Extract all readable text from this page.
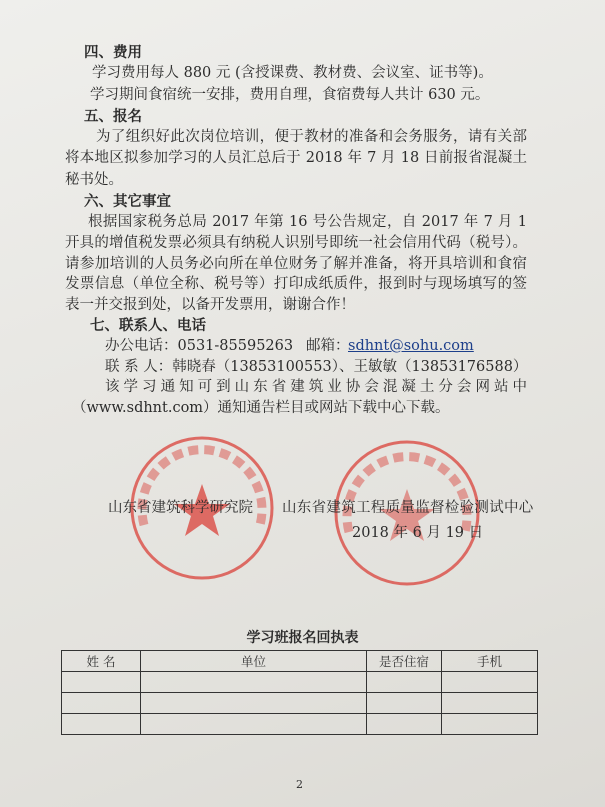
四、费用
学习费用每人 880 元 (含授课费、教材费、会议室、证书等)。
学习期间食宿统一安排，费用自理，食宿费每人共计 630 元。
五、报名
为了组织好此次岗位培训，便于教材的准备和会务服务，请有关部
将本地区拟参加学习的人员汇总后于 2018 年 7 月 18 日前报省混凝土
秘书处。
六、其它事宜
根据国家税务总局 2017 年第 16 号公告规定，自 2017 年 7 月 1
开具的增值税发票必须具有纳税人识别号即统一社会信用代码（税号）。
请参加培训的人员务必向所在单位财务了解并准备，将开具培训和食宿
发票信息（单位全称、税号等）打印成纸质件，报到时与现场填写的签
表一并交报到处，以备开发票用，谢谢合作！
七、联系人、电话
办公电话：0531-85595263 邮箱：
sdhnt@sohu.com
联 系 人：韩晓春（13853100553）、王敏敏（13853176588）
该学习通知可到山东省建筑业协会混凝土分会网站中
（www.sdhnt.com）通知通告栏目或网站下载中心下载。
山东省建筑科学研究院 山东省建筑工程质量监督检验测试中心
2018 年 6 月 19 日
学习班报名回执表
姓 名	单位	是否住宿	手机

2
